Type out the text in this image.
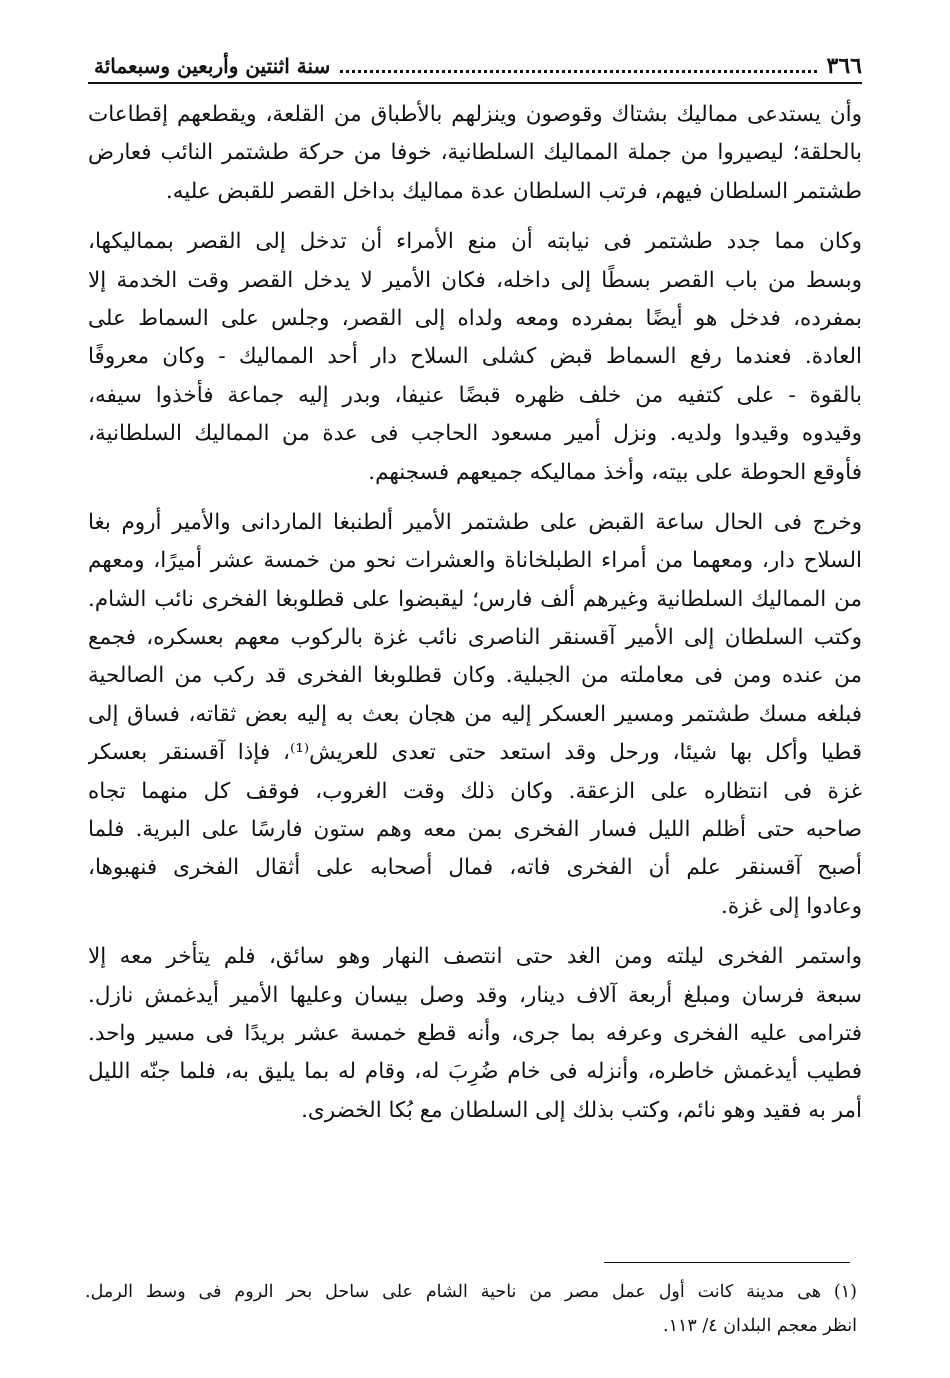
٣٦٦
سنة اثنتين وأربعين وسبعمائة
وأن يستدعى مماليك بشتاك وقوصون وينزلهم بالأطباق من القلعة، ويقطعهم إقطاعات
بالحلقة؛ ليصيروا من جملة المماليك السلطانية، خوفا من حركة طشتمر النائب فعارض
طشتمر السلطان فيهم، فرتب السلطان عدة مماليك بداخل القصر للقبض عليه.
وكان مما جدد طشتمر فى نيابته أن منع الأمراء أن تدخل إلى القصر بمماليكها،
وبسط من باب القصر بسطًا إلى داخله، فكان الأمير لا يدخل القصر وقت الخدمة إلا
بمفرده، فدخل هو أيضًا بمفرده ومعه ولداه إلى القصر، وجلس على السماط على
العادة. فعندما رفع السماط قبض كشلى السلاح دار أحد المماليك - وكان معروفًا
بالقوة - على كتفيه من خلف ظهره قبضًا عنيفا، وبدر إليه جماعة فأخذوا سيفه،
وقيدوه وقيدوا ولديه. ونزل أمير مسعود الحاجب فى عدة من المماليك السلطانية،
فأوقع الحوطة على بيته، وأخذ مماليكه جميعهم فسجنهم.
وخرج فى الحال ساعة القبض على طشتمر الأمير ألطنبغا الماردانى والأمير أروم بغا
السلاح دار، ومعهما من أمراء الطبلخاناة والعشرات نحو من خمسة عشر أميرًا، ومعهم
من المماليك السلطانية وغيرهم ألف فارس؛ ليقبضوا على قطلوبغا الفخرى نائب الشام.
وكتب السلطان إلى الأمير آقسنقر الناصرى نائب غزة بالركوب معهم بعسكره، فجمع
من عنده ومن فى معاملته من الجبلية. وكان قطلوبغا الفخرى قد ركب من الصالحية
فبلغه مسك طشتمر ومسير العسكر إليه من هجان بعث به إليه بعض ثقاته، فساق إلى
قطيا وأكل بها شيئا، ورحل وقد استعد حتى تعدى للعريش⁽¹⁾، فإذا آقسنقر بعسكر
غزة فى انتظاره على الزعقة. وكان ذلك وقت الغروب، فوقف كل منهما تجاه
صاحبه حتى أظلم الليل فسار الفخرى بمن معه وهم ستون فارسًا على البرية. فلما
أصبح آقسنقر علم أن الفخرى فاته، فمال أصحابه على أثقال الفخرى فنهبوها،
وعادوا إلى غزة.
واستمر الفخرى ليلته ومن الغد حتى انتصف النهار وهو سائق، فلم يتأخر معه إلا
سبعة فرسان ومبلغ أربعة آلاف دينار، وقد وصل بيسان وعليها الأمير أيدغمش نازل.
فترامى عليه الفخرى وعرفه بما جرى، وأنه قطع خمسة عشر بريدًا فى مسير واحد.
فطيب أيدغمش خاطره، وأنزله فى خام ضُرِبَ له، وقام له بما يليق به، فلما جنّه الليل
أمر به فقيد وهو نائم، وكتب بذلك إلى السلطان مع بُكا الخضرى.
(١) هى مدينة كانت أول عمل مصر من ناحية الشام على ساحل بحر الروم فى وسط الرمل.
انظر معجم البلدان ٤/ ١١٣.
